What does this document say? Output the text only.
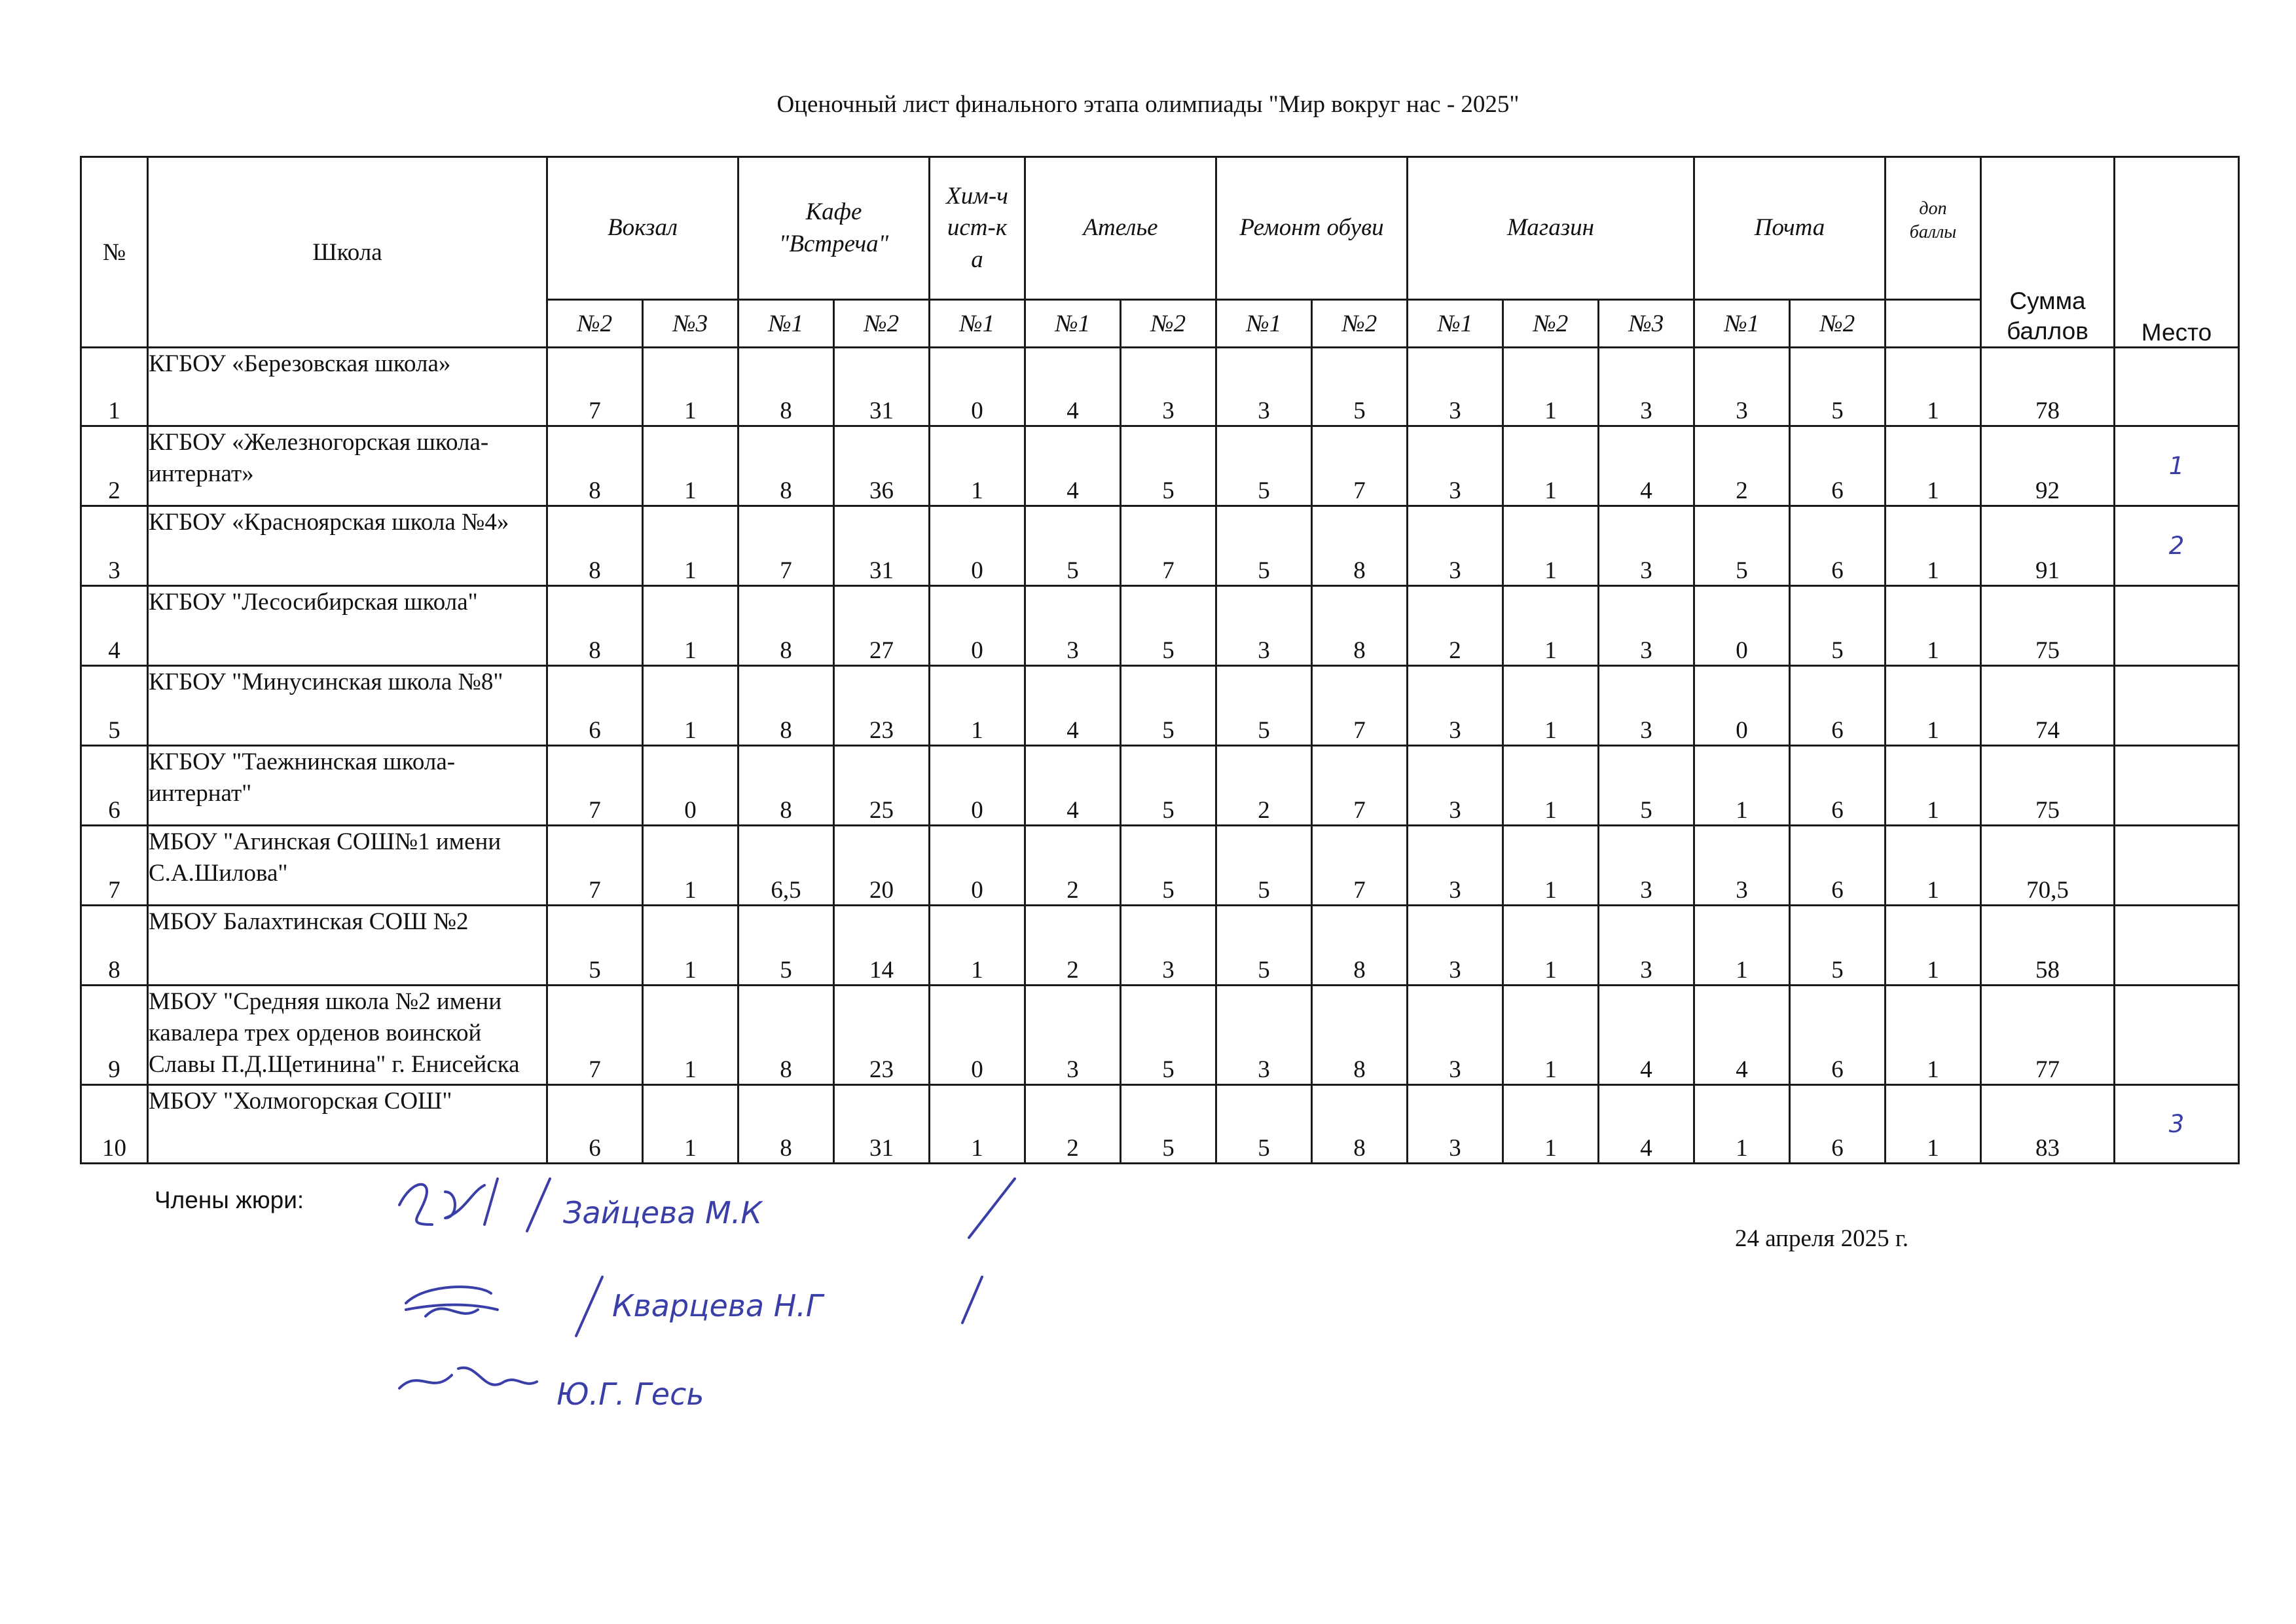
Оценочный лист финального этапа олимпиады "Мир вокруг нас - 2025"
№	Школа	Вокзал		Кафе "Встреча"		Хим-чист-ка	Ателье		Ремонт обуви		Магазин			Почта		доп баллы	Сумма баллов	Место
		№2	№3	№1	№2	№1	№1	№2	№1	№2	№1	№2	№3	№1	№2			
1	КГБОУ «Березовская школа»	7	1	8	31	0	4	3	3	5	3	1	3	3	5	1	78	
2	КГБОУ «Железногорская школа-интернат»	8	1	8	36	1	4	5	5	7	3	1	4	2	6	1	92	1
3	КГБОУ «Красноярская школа №4»	8	1	7	31	0	5	7	5	8	3	1	3	5	6	1	91	2
4	КГБОУ "Лесосибирская школа"	8	1	8	27	0	3	5	3	8	2	1	3	0	5	1	75	
5	КГБОУ "Минусинская школа №8"	6	1	8	23	1	4	5	5	7	3	1	3	0	6	1	74	
6	КГБОУ "Таежнинская школа-интернат"	7	0	8	25	0	4	5	2	7	3	1	5	1	6	1	75	
7	МБОУ "Агинская СОШ№1 имени С.А.Шилова"	7	1	6,5	20	0	2	5	5	7	3	1	3	3	6	1	70,5	
8	МБОУ Балахтинская СОШ №2	5	1	5	14	1	2	3	5	8	3	1	3	1	5	1	58	
9	МБОУ "Средняя школа №2 имени кавалера трех орденов воинской Славы П.Д.Щетинина" г. Енисейска	7	1	8	23	0	3	5	3	8	3	1	4	4	6	1	77	
10	МБОУ "Холмогорская СОШ"	6	1	8	31	1	2	5	5	8	3	1	4	1	6	1	83	3
Члены жюри:
24 апреля 2025 г.
Зайцева М.К
Кварцева Н.Г
Ю.Г. Гесь
